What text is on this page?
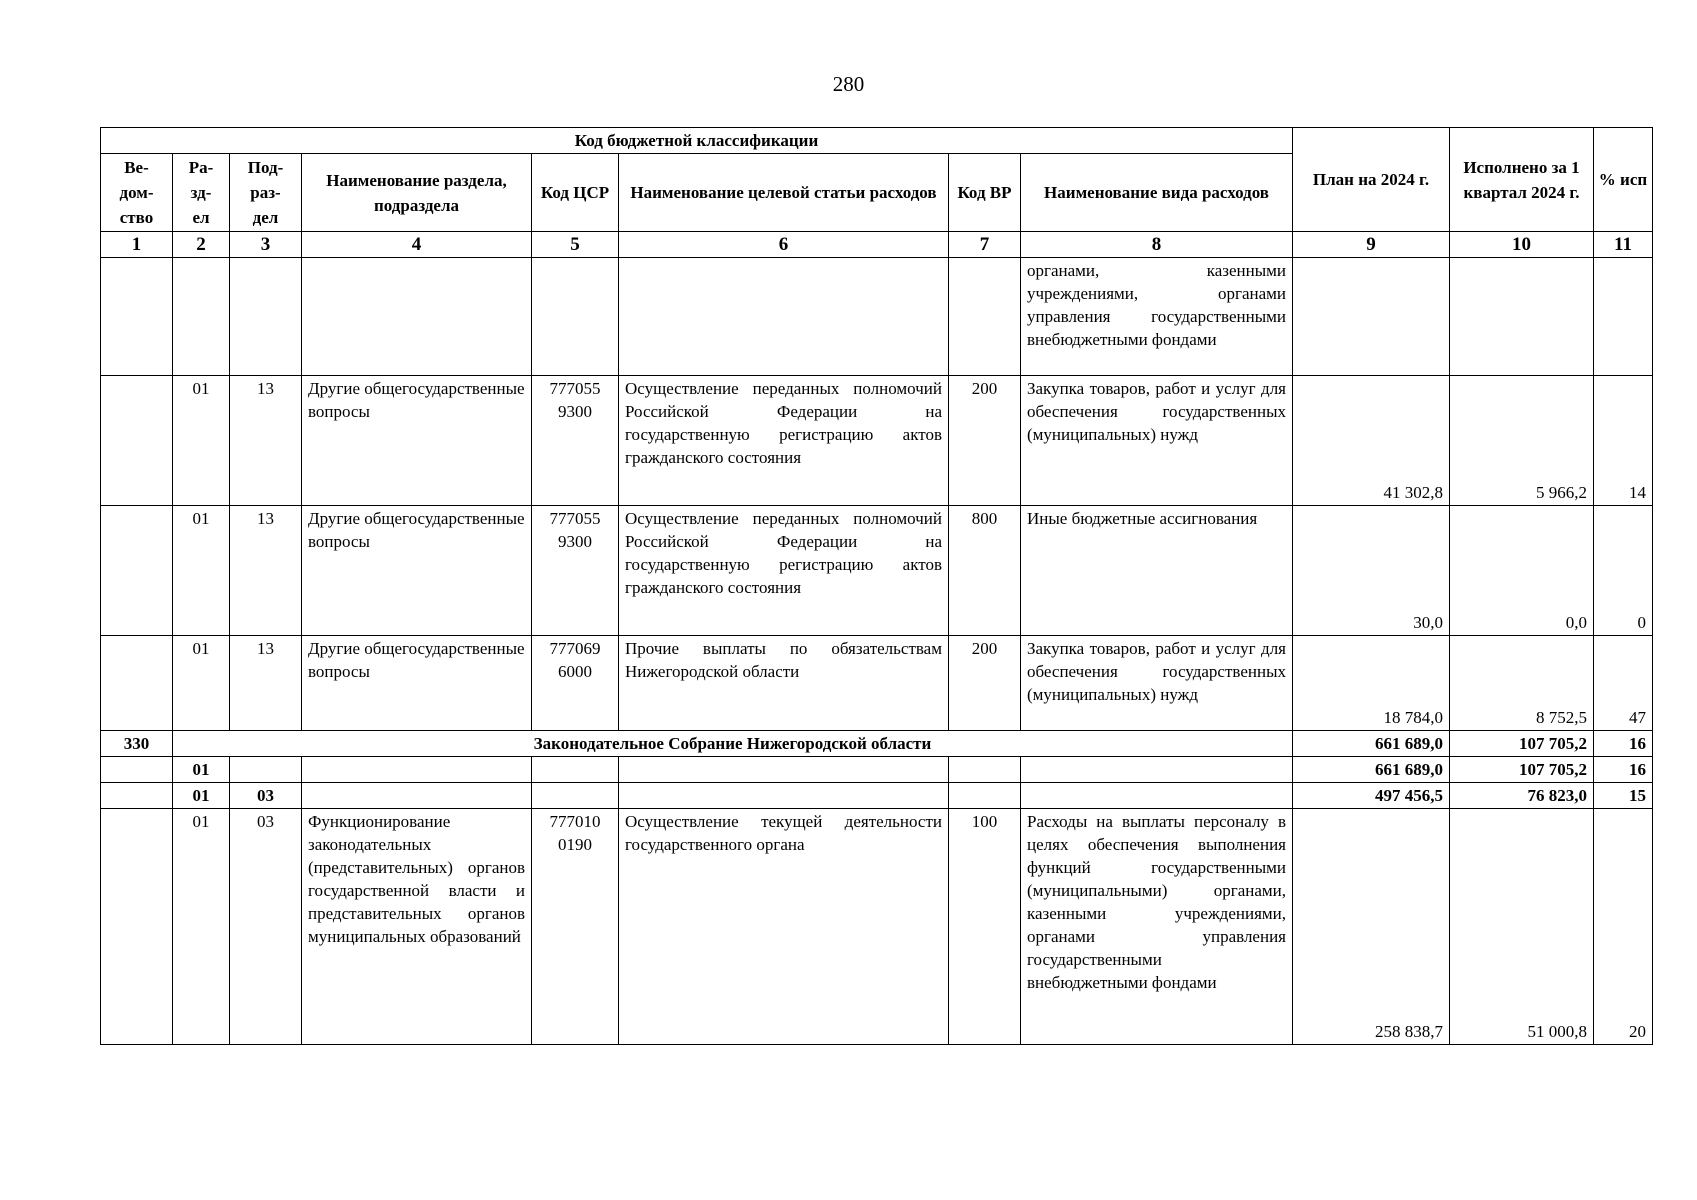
280
Код бюджетной классификации								План на 2024 г.	Исполнено за 1 квартал 2024 г.	% исп
Ве-
дом-
ство	Ра-
зд-
ел	Под-
раз-
дел	Наименование раздела, подраздела	Код ЦСР	Наименование целевой статьи расходов	Код ВР	Наименование вида расходов			
1	2	3	4	5	6	7	8	9	10	11
							органами, казенными учреждениями, органами управления государственными внебюджетными фондами			
	01	13	Другие общегосударственные вопросы	777055 9300	Осуществление переданных полномочий Российской Федерации на государственную регистрацию актов гражданского состояния	200	Закупка товаров, работ и услуг для обеспечения государственных (муниципальных) нужд	41 302,8	5 966,2	14
	01	13	Другие общегосударственные вопросы	777055 9300	Осуществление переданных полномочий Российской Федерации на государственную регистрацию актов гражданского состояния	800	Иные бюджетные ассигнования	30,0	0,0	0
	01	13	Другие общегосударственные вопросы	777069 6000	Прочие выплаты по обязательствам Нижегородской области	200	Закупка товаров, работ и услуг для обеспечения государственных (муниципальных) нужд	18 784,0	8 752,5	47
330	Законодательное Собрание Нижегородской области							661 689,0	107 705,2	16
	01							661 689,0	107 705,2	16
	01	03						497 456,5	76 823,0	15
	01	03	Функционирование законодательных (представительных) органов государственной власти и представительных органов муниципальных образований	777010 0190	Осуществление текущей деятельности государственного органа	100	Расходы на выплаты персоналу в целях обеспечения выполнения функций государственными (муниципальными) органами, казенными учреждениями, органами управления государственными внебюджетными фондами	258 838,7	51 000,8	20
